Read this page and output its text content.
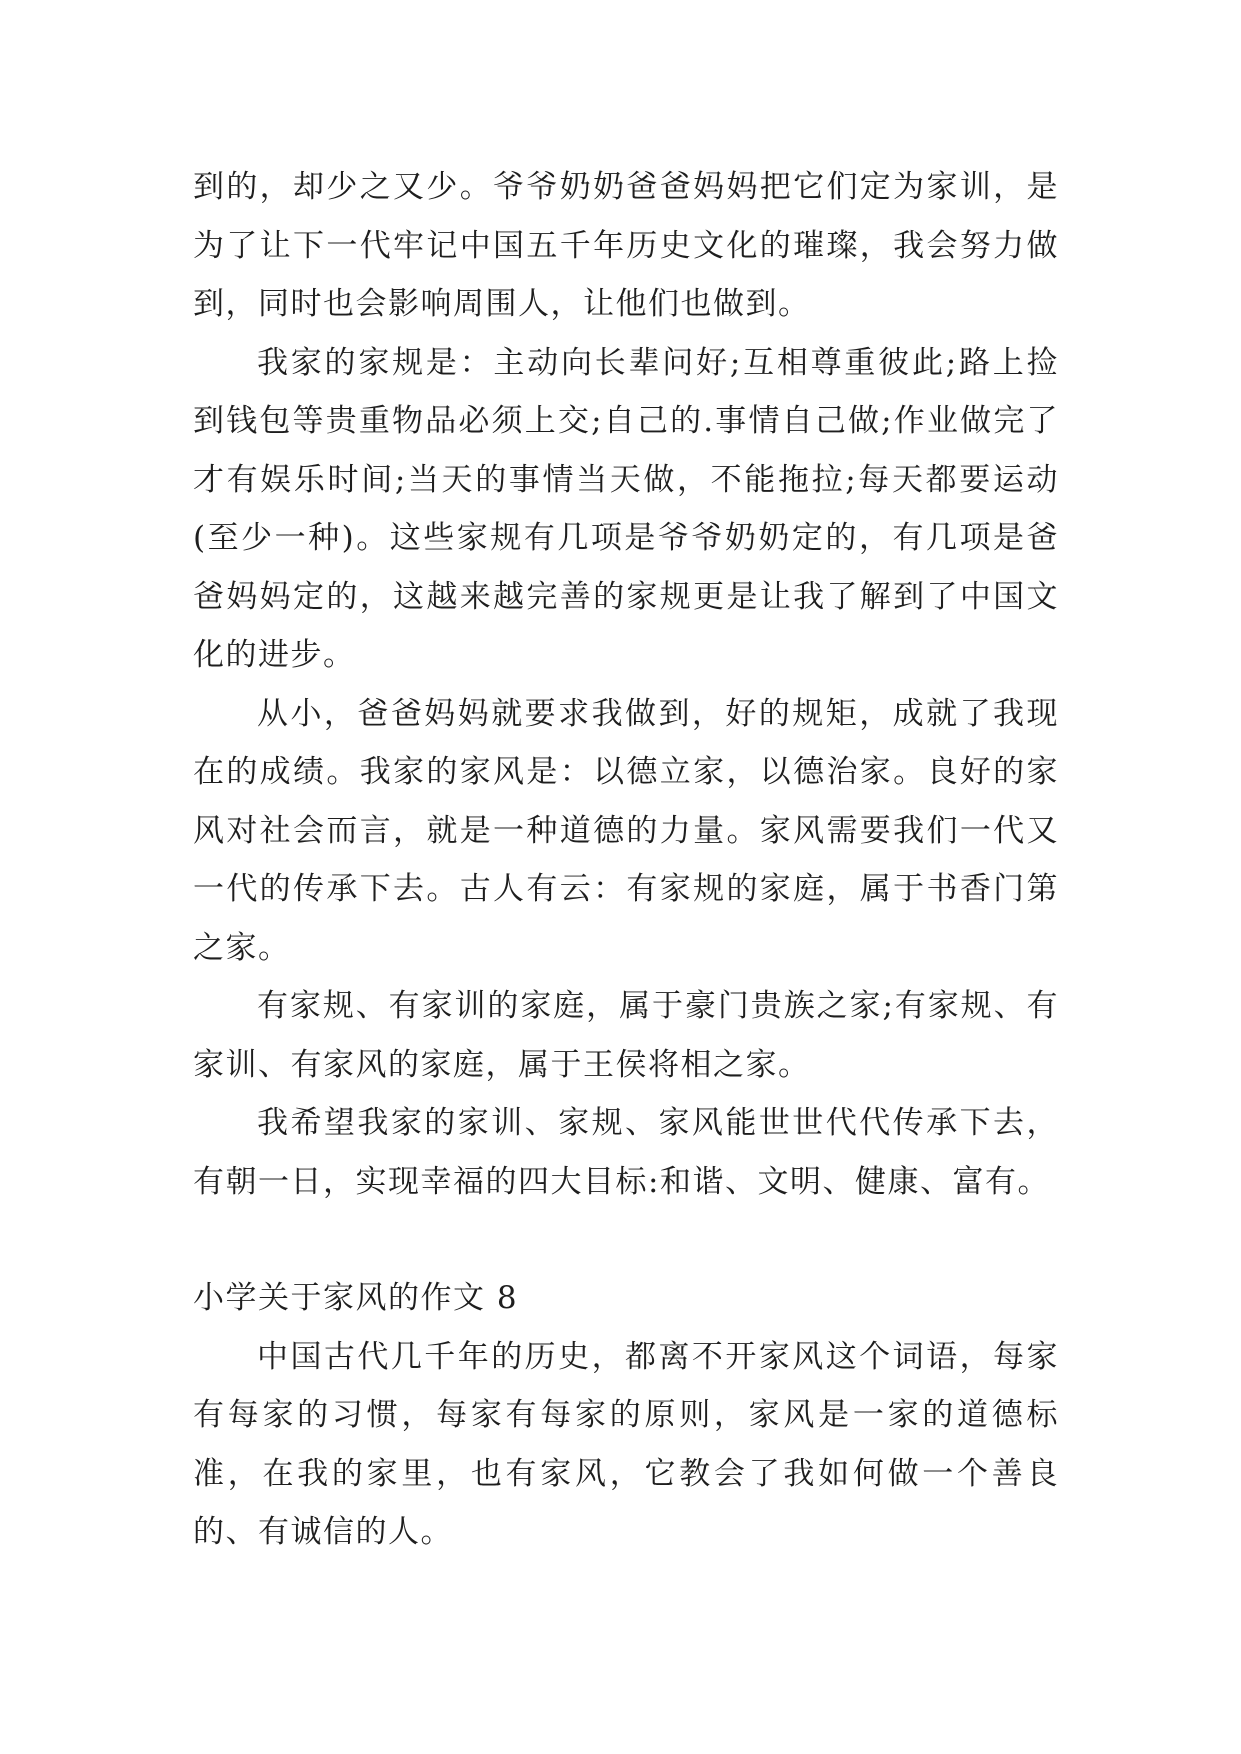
到的，却少之又少。爷爷奶奶爸爸妈妈把它们定为家训，是为了让下一代牢记中国五千年历史文化的璀璨，我会努力做到，同时也会影响周围人，让他们也做到。

我家的家规是：主动向长辈问好;互相尊重彼此;路上捡到钱包等贵重物品必须上交;自己的.事情自己做;作业做完了才有娱乐时间;当天的事情当天做，不能拖拉;每天都要运动(至少一种)。这些家规有几项是爷爷奶奶定的，有几项是爸爸妈妈定的，这越来越完善的家规更是让我了解到了中国文化的进步。

从小，爸爸妈妈就要求我做到，好的规矩，成就了我现在的成绩。我家的家风是：以德立家，以德治家。良好的家风对社会而言，就是一种道德的力量。家风需要我们一代又一代的传承下去。古人有云：有家规的家庭，属于书香门第之家。

有家规、有家训的家庭，属于豪门贵族之家;有家规、有家训、有家风的家庭，属于王侯将相之家。

我希望我家的家训、家规、家风能世世代代传承下去，有朝一日，实现幸福的四大目标:和谐、文明、健康、富有。

小学关于家风的作文 8

中国古代几千年的历史，都离不开家风这个词语，每家有每家的习惯，每家有每家的原则，家风是一家的道德标准，在我的家里，也有家风，它教会了我如何做一个善良的、有诚信的人。
